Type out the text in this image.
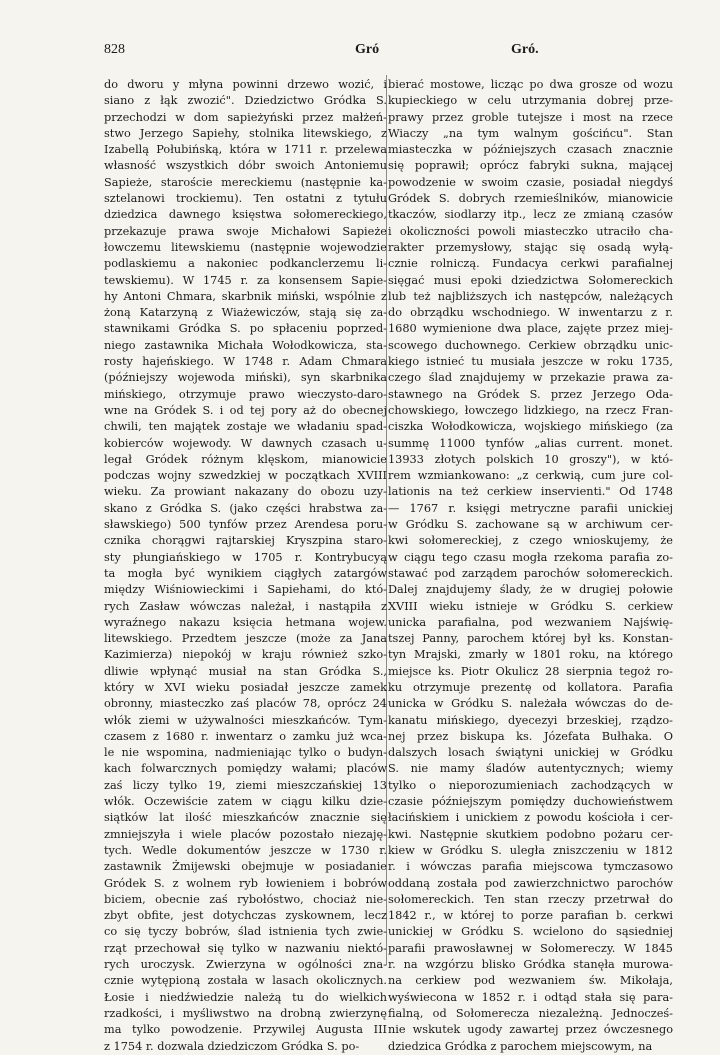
828	Gró	Gró.
do dworu y młyna powinni drzewo wozić, i
siano z łąk zwozić". Dziedzictwo Gródka S.
przechodzi w dom sapieżyński przez małżeń-
stwo Jerzego Sapiehy, stolnika litewskiego, z
Izabellą Połubińską, która w 1711 r. przelewa
własność wszystkich dóbr swoich Antoniemu
Sapieże, staroście mereckiemu (następnie ka-
sztelanowi trockiemu). Ten ostatni z tytułu
dziedzica dawnego księstwa sołomereckiego,
przekazuje prawa swoje Michałowi Sapieże
łowczemu litewskiemu (następnie wojewodzie
podlaskiemu a nakoniec podkanclerzemu li-
tewskiemu). W 1745 r. za konsensem Sapie-
hy Antoni Chmara, skarbnik miński, wspólnie z
żoną Katarzyną z Wiażewiczów, stają się za-
stawnikami Gródka S. po spłaceniu poprzed-
niego zastawnika Michała Wołodkowicza, sta-
rosty hajeńskiego. W 1748 r. Adam Chmara
(późniejszy wojewoda miński), syn skarbnika
mińskiego, otrzymuje prawo wieczysto-daro-
wne na Gródek S. i od tej pory aż do obecnej
chwili, ten majątek zostaje we władaniu spad-
kobierców wojewody. W dawnych czasach u-
legał Gródek różnym klęskom, mianowicie
podczas wojny szwedzkiej w początkach XVIII
wieku. Za prowiant nakazany do obozu uzy-
skano z Gródka S. (jako części hrabstwa za-
sławskiego) 500 tynfów przez Arendesa poru-
cznika chorągwi rajtarskiej Kryszpina staro-
sty płungiańskiego w 1705 r. Kontrybucyą
ta mogła być wynikiem ciągłych zatargów
między Wiśniowieckimi i Sapiehami, do któ-
rych Zasław wówczas należał, i nastąpiła z
wyraźnego nakazu księcia hetmana wojew.
litewskiego. Przedtem jeszcze (może za Jana
Kazimierza) niepokój w kraju również szko-
dliwie wpłynąć musiał na stan Gródka S.,
który w XVI wieku posiadał jeszcze zamek
obronny, miasteczko zaś placów 78, oprócz 24
włók ziemi w używalności mieszkańców. Tym-
czasem z 1680 r. inwentarz o zamku już wca-
le nie wspomina, nadmieniając tylko o budyn-
kach folwarcznych pomiędzy wałami; placów
zaś liczy tylko 19, ziemi mieszczańskiej 13
włók. Oczewiście zatem w ciągu kilku dzie-
siątków lat ilość mieszkańców znacznie się
zmniejszyła i wiele placów pozostało niezaję-
tych. Wedle dokumentów jeszcze w 1730 r.
zastawnik Żmijewski obejmuje w posiadanie
Gródek S. z wolnem ryb łowieniem i bobrów
biciem, obecnie zaś rybołóstwo, chociaż nie-
zbyt obfite, jest dotychczas zyskownem, lecz
co się tyczy bobrów, ślad istnienia tych zwie-
rząt przechował się tylko w nazwaniu niektó-
rych uroczysk. Zwierzyna w ogólności zna-
cznie wytępioną została w lasach okolicznych.
Łosie i niedźwiedzie należą tu do wielkich
rzadkości, i myśliwstwo na drobną zwierzynę
ma tylko powodzenie. Przywilej Augusta III
z 1754 r. dozwala dziedziczom Gródka S. po-
bierać mostowe, licząc po dwa grosze od wozu
kupieckiego w celu utrzymania dobrej prze-
prawy przez groble tutejsze i most na rzece
Wiaczy „na tym walnym gościńcu". Stan
miasteczka w późniejszych czasach znacznie
się poprawił; oprócz fabryki sukna, mającej
powodzenie w swoim czasie, posiadał niegdyś
Gródek S. dobrych rzemieślników, mianowicie
tkaczów, siodlarzy itp., lecz ze zmianą czasów
i okoliczności powoli miasteczko utraciło cha-
rakter przemysłowy, stając się osadą wyłą-
cznie rolniczą. Fundacya cerkwi parafialnej
sięgać musi epoki dziedzictwa Sołomereckich
lub też najbliższych ich następców, należących
do obrządku wschodniego. W inwentarzu z r.
1680 wymienione dwa place, zajęte przez miej-
scowego duchownego. Cerkiew obrządku unic-
kiego istnieć tu musiała jeszcze w roku 1735,
czego ślad znajdujemy w przekazie prawa za-
stawnego na Gródek S. przez Jerzego Oda-
chowskiego, łowczego lidzkiego, na rzecz Fran-
ciszka Wołodkowicza, wojskiego mińskiego (za
summę 11000 tynfów „alias current. monet.
13933 złotych polskich 10 groszy"), w któ-
rem wzmiankowano: „z cerkwią, cum jure col-
lationis na też cerkiew inservienti." Od 1748
— 1767 r. księgi metryczne parafii unickiej
w Gródku S. zachowane są w archiwum cer-
kwi sołomereckiej, z czego wnioskujemy, że
w ciągu tego czasu mogła rzekoma parafia zo-
stawać pod zarządem parochów sołomereckich.
Dalej znajdujemy ślady, że w drugiej połowie
XVIII wieku istnieje w Gródku S. cerkiew
unicka parafialna, pod wezwaniem Najświę-
tszej Panny, parochem której był ks. Konstan-
tyn Mrajski, zmarły w 1801 roku, na którego
miejsce ks. Piotr Okulicz 28 sierpnia tegoż ro-
ku otrzymuje prezentę od kollatora. Parafia
unicka w Gródku S. należała wówczas do de-
kanatu mińskiego, dyecezyi brzeskiej, rządzo-
nej przez biskupa ks. Józefata Bułhaka. O
dalszych losach świątyni unickiej w Gródku
S. nie mamy śladów autentycznych; wiemy
tylko o nieporozumieniach zachodzących w
czasie późniejszym pomiędzy duchowieństwem
łacińskiem i unickiem z powodu kościoła i cer-
kwi. Następnie skutkiem podobno pożaru cer-
kiew w Gródku S. uległa zniszczeniu w 1812
r. i wówczas parafia miejscowa tymczasowo
oddaną została pod zawierzchnictwo parochów
sołomereckich. Ten stan rzeczy przetrwał do
1842 r., w której to porze parafian b. cerkwi
unickiej w Gródku S. wcielono do sąsiedniej
parafii prawosławnej w Sołomereczy. W 1845
r. na wzgórzu blisko Gródka stanęła murowa-
na cerkiew pod wezwaniem św. Mikołaja,
wyświecona w 1852 r. i odtąd stała się para-
fialną, od Sołomerecza niezależną. Jednocześ-
nie wskutek ugody zawartej przez ówczesnego
dziedzica Gródka z parochem miejscowym, na
